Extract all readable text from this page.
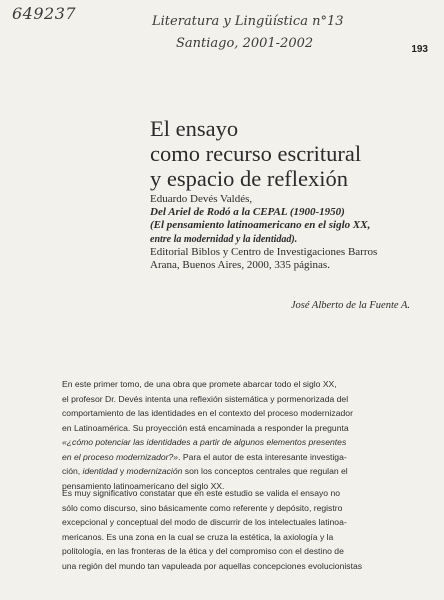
649237	Literatura y Lingüística n°13
Santiago, 2001-2002	193
El ensayo
como recurso escritural
y espacio de reflexión
Eduardo Devés Valdés,
Del Ariel de Rodó a la CEPAL (1900-1950)
(El pensamiento latinoamericano en el siglo XX,
entre la modernidad y la identidad).
Editorial Biblos y Centro de Investigaciones Barros
Arana, Buenos Aires, 2000, 335 páginas.
José Alberto de la Fuente A.
En este primer tomo, de una obra que promete abarcar todo el siglo XX,
el profesor Dr. Devés intenta una reflexión sistemática y pormenorizada del
comportamiento de las identidades en el contexto del proceso modernizador
en Latinoamérica. Su proyección está encaminada a responder la pregunta
«¿cómo potenciar las identidades a partir de algunos elementos presentes
en el proceso modernizador?». Para el autor de esta interesante investiga-
ción, identidad y modernización son los conceptos centrales que regulan el
pensamiento latinoamericano del siglo XX.
Es muy significativo constatar que en este estudio se valida el ensayo no
sólo como discurso, sino básicamente como referente y depósito, registro
excepcional y conceptual del modo de discurrir de los intelectuales latinoa-
mericanos. Es una zona en la cual se cruza la estética, la axiología y la
politología, en las fronteras de la ética y del compromiso con el destino de
una región del mundo tan vapuleada por aquellas concepciones evolucionistas
